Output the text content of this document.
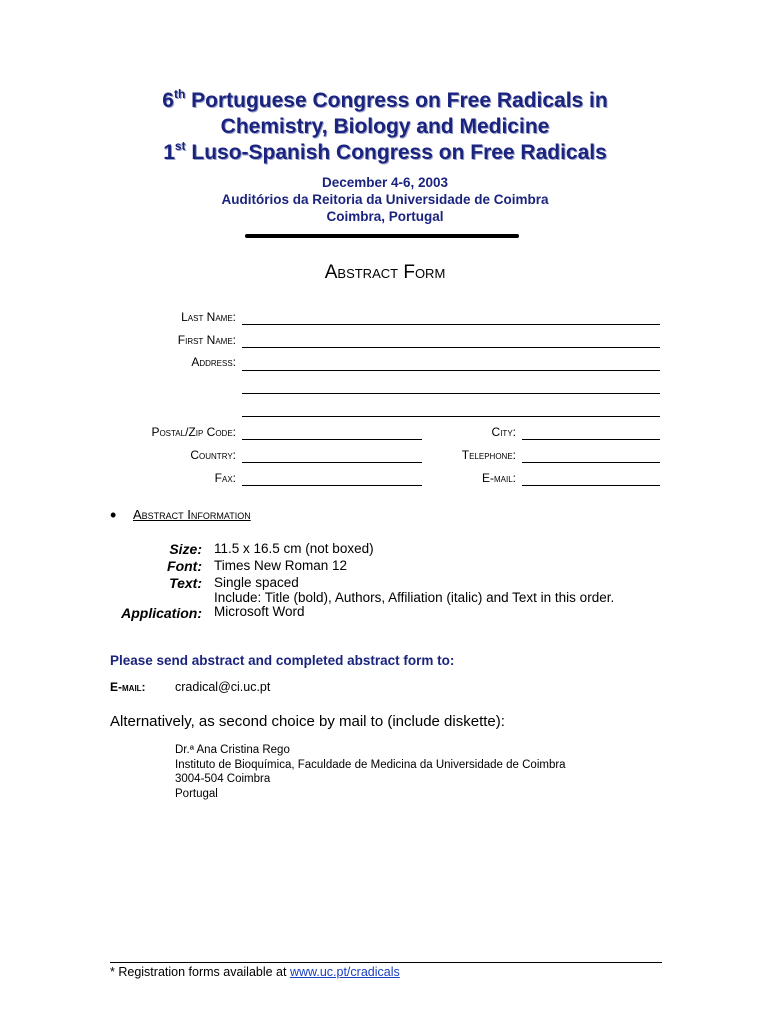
6th Portuguese Congress on Free Radicals in
Chemistry, Biology and Medicine
1st Luso-Spanish Congress on Free Radicals
December 4-6, 2003
Auditórios da Reitoria da Universidade de Coimbra
Coimbra, Portugal
Abstract Form
Last Name:
First Name:
Address:
Postal/Zip Code:	City:
Country:	Telephone:
Fax:	E-mail:
• Abstract Information
Size: 11.5 x 16.5 cm (not boxed)
Font: Times New Roman 12
Text: Single spaced
Include: Title (bold), Authors, Affiliation (italic) and Text in this order.
Application: Microsoft Word
Please send abstract and completed abstract form to:
E-mail: cradical@ci.uc.pt
Alternatively, as second choice by mail to (include diskette):
Dr.ª Ana Cristina Rego
Instituto de Bioquímica, Faculdade de Medicina da Universidade de Coimbra
3004-504 Coimbra
Portugal
* Registration forms available at www.uc.pt/cradicals
